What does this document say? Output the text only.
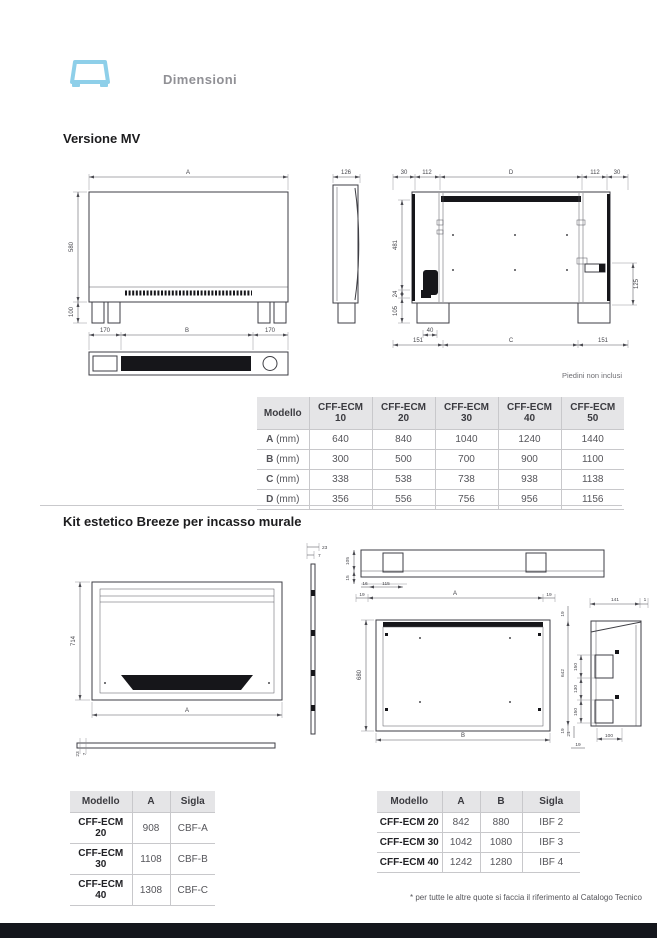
Dimensioni
Versione MV
A
580
100
170	B	170
126	30 112	D	112 30
481
24
105
125
40
151	C	151
Piedini non inclusi
Modello	CFF-ECM 10	CFF-ECM 20	CFF-ECM 30	CFF-ECM 40	CFF-ECM 50
A (mm)	640	840	1040	1240	1440
B (mm)	300	500	700	900	1100
C (mm)	338	538	738	938	1138
D (mm)	356	556	756	956	1156
Kit estetico Breeze per incasso murale
714
A
23 7
23
7
105
15
16	115
19	A	19
680
B
141	1
19
642
150
130
150
19
21	100
19
Modello	A	Sigla
CFF-ECM 20	908	CBF-A
CFF-ECM 30	1108	CBF-B
CFF-ECM 40	1308	CBF-C
Modello	A	B	Sigla
CFF-ECM 20	842	880	IBF 2
CFF-ECM 30	1042	1080	IBF 3
CFF-ECM 40	1242	1280	IBF 4
* per tutte le altre quote si faccia il riferimento al Catalogo Tecnico
